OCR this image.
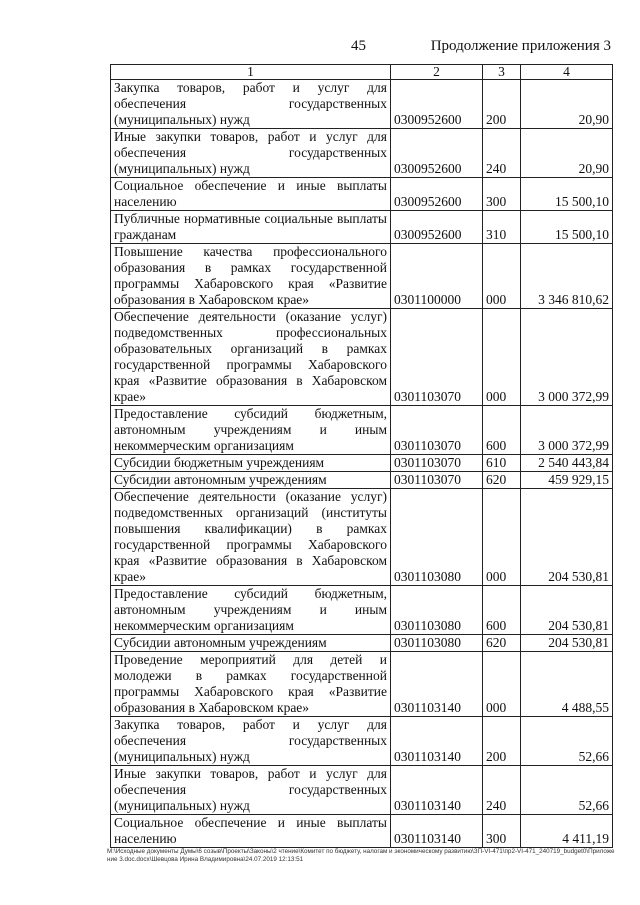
45	Продолжение приложения 3
1	2	3	4
Закупка товаров, работ и услуг для обеспечения государственных (муниципальных) нужд	0300952600	200	20,90
Иные закупки товаров, работ и услуг для обеспечения государственных (муниципальных) нужд	0300952600	240	20,90
Социальное обеспечение и иные выплаты населению	0300952600	300	15 500,10
Публичные нормативные социальные выплаты гражданам	0300952600	310	15 500,10
Повышение качества профессионального образования в рамках государственной программы Хабаровского края «Развитие образования в Хабаровском крае»	0301100000	000	3 346 810,62
Обеспечение деятельности (оказание услуг) подведомственных профессиональных образовательных организаций в рамках государственной программы Хабаровского края «Развитие образования в Хабаровском крае»	0301103070	000	3 000 372,99
Предоставление субсидий бюджетным, автономным учреждениям и иным некоммерческим организациям	0301103070	600	3 000 372,99
Субсидии бюджетным учреждениям	0301103070	610	2 540 443,84
Субсидии автономным учреждениям	0301103070	620	459 929,15
Обеспечение деятельности (оказание услуг) подведомственных организаций (институты повышения квалификации) в рамках государственной программы Хабаровского края «Развитие образования в Хабаровском крае»	0301103080	000	204 530,81
Предоставление субсидий бюджетным, автономным учреждениям и иным некоммерческим организациям	0301103080	600	204 530,81
Субсидии автономным учреждениям	0301103080	620	204 530,81
Проведение мероприятий для детей и молодежи в рамках государственной программы Хабаровского края «Развитие образования в Хабаровском крае»	0301103140	000	4 488,55
Закупка товаров, работ и услуг для обеспечения государственных (муниципальных) нужд	0301103140	200	52,66
Иные закупки товаров, работ и услуг для обеспечения государственных (муниципальных) нужд	0301103140	240	52,66
Социальное обеспечение и иные выплаты населению	0301103140	300	4 411,19
M:\Исходные документы Думы\6 созыв\Проекты\Законы\2 чтение\Комитет по бюджету, налогам и экономическому развитию\ЗП-VI-471\пр2-VI-471_240719_budget0\Приложение 3.doc.docx\Шевцова Ирина Владимировна\24.07.2019 12:13:51
